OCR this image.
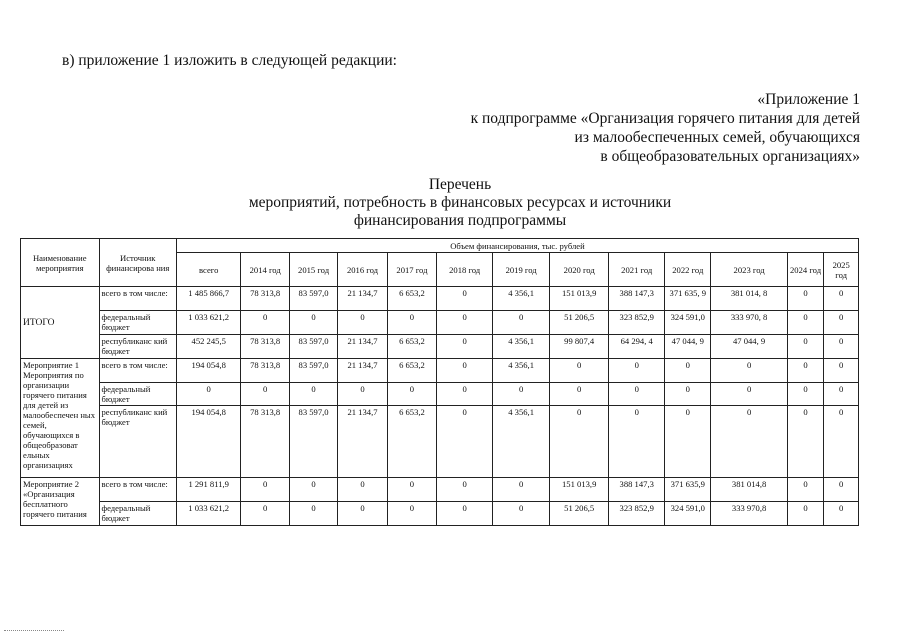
в) приложение 1 изложить в следующей редакции:
«Приложение 1
к подпрограмме «Организация горячего питания для детей
из малообеспеченных семей, обучающихся
в общеобразовательных организациях»
Перечень
мероприятий, потребность в финансовых ресурсах и источники
финансирования подпрограммы
Наименование мероприятия	Источник финансирова ния	Объем финансирования, тыс. рублей												
		всего	2014 год	2015 год	2016 год	2017 год	2018 год	2019 год	2020 год	2021 год	2022 год	2023 год	2024 год	2025 год
ИТОГО	всего в том числе:	1 485 866,7	78 313,8	83 597,0	21 134,7	6 653,2	0	4 356,1	151 013,9	388 147,3	371 635, 9	381 014, 8	0	0
	федеральный бюджет	1 033 621,2	0	0	0	0	0	0	51 206,5	323 852,9	324 591,0	333 970, 8	0	0
	республиканс кий бюджет	452 245,5	78 313,8	83 597,0	21 134,7	6 653,2	0	4 356,1	99 807,4	64 294, 4	47 044, 9	47 044, 9	0	0
Мероприятие 1 Мероприятия по организации горячего питания для детей из малообеспечен ных семей, обучающихся в общеобразоват ельных организациях	всего в том числе:	194 054,8	78 313,8	83 597,0	21 134,7	6 653,2	0	4 356,1	0	0	0	0	0	0
	федеральный бюджет	0	0	0	0	0	0	0	0	0	0	0	0	0
	республиканс кий бюджет	194 054,8	78 313,8	83 597,0	21 134,7	6 653,2	0	4 356,1	0	0	0	0	0	0
Мероприятие 2 «Организация бесплатного горячего питания	всего в том числе:	1 291 811,9	0	0	0	0	0	0	151 013,9	388 147,3	371 635,9	381 014,8	0	0
	федеральный бюджет	1 033 621,2	0	0	0	0	0	0	51 206,5	323 852,9	324 591,0	333 970,8	0	0
